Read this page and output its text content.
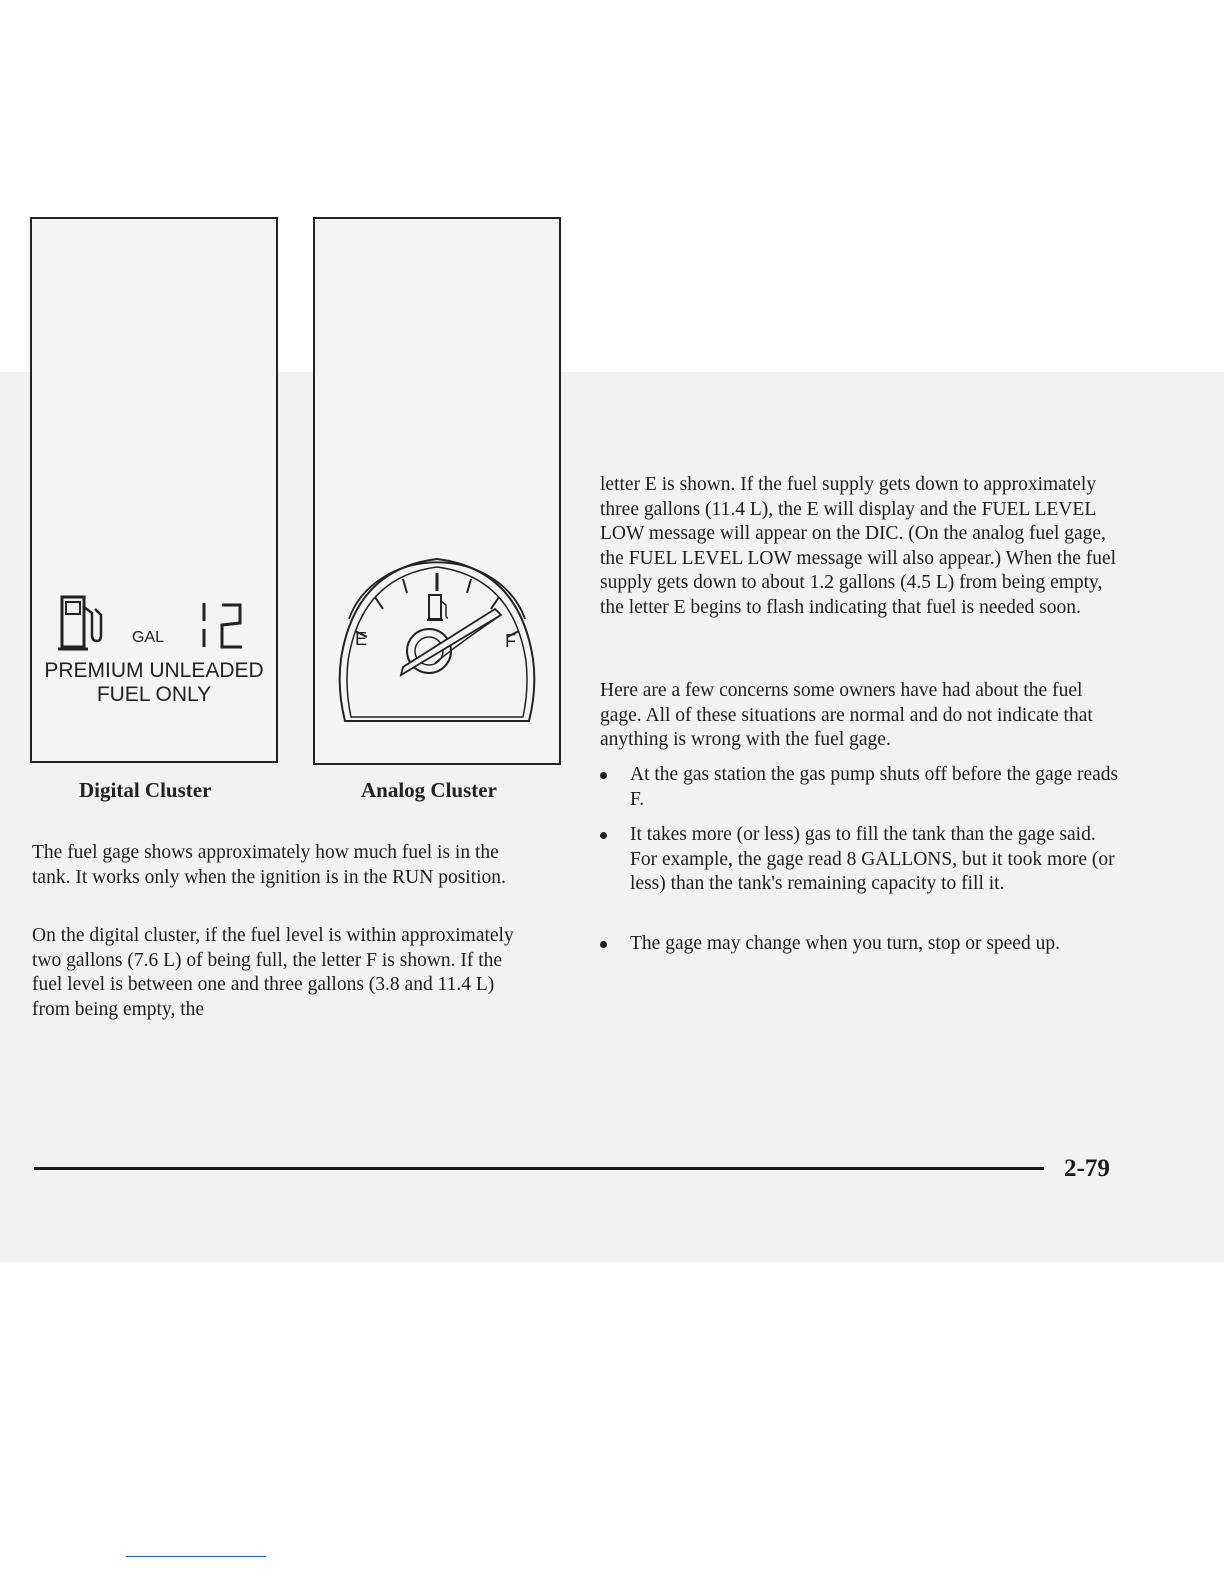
GAL
12
PREMIUM UNLEADED
FUEL ONLY
E	F
Digital Cluster	Analog Cluster

The fuel gage shows approximately how much fuel is in the tank. It works only when the ignition is in the RUN position.

On the digital cluster, if the fuel level is within approximately two gallons (7.6 L) of being full, the letter F is shown. If the fuel level is between one and three gallons (3.8 and 11.4 L) from being empty, the

letter E is shown. If the fuel supply gets down to approximately three gallons (11.4 L), the E will display and the FUEL LEVEL LOW message will appear on the DIC. (On the analog fuel gage, the FUEL LEVEL LOW message will also appear.) When the fuel supply gets down to about 1.2 gallons (4.5 L) from being empty, the letter E begins to flash indicating that fuel is needed soon.

Here are a few concerns some owners have had about the fuel gage. All of these situations are normal and do not indicate that anything is wrong with the fuel gage.

At the gas station the gas pump shuts off before the gage reads F.
It takes more (or less) gas to fill the tank than the gage said. For example, the gage read 8 GALLONS, but it took more (or less) than the tank's remaining capacity to fill it.
The gage may change when you turn, stop or speed up.
2-79
